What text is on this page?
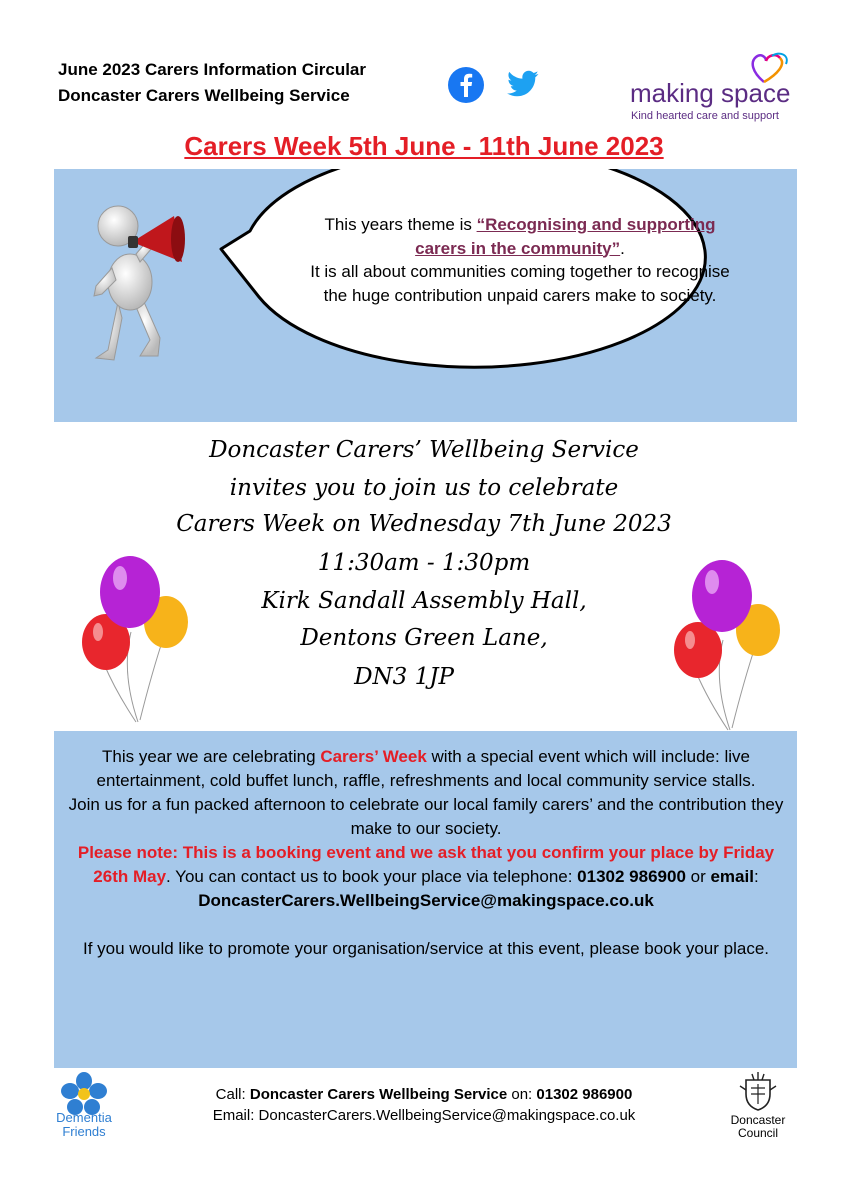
June 2023 Carers Information Circular
Doncaster Carers Wellbeing Service	making space
Kind hearted care and support
Carers Week 5th June - 11th June 2023
This years theme is “Recognising and supporting carers in the community”.
It is all about communities coming together to recognise the huge contribution unpaid carers make to society.
Doncaster Carers’ Wellbeing Service
invites you to join us to celebrate
Carers Week on Wednesday 7th June 2023
11:30am - 1:30pm
Kirk Sandall Assembly Hall,
Dentons Green Lane,
DN3 1JP
This year we are celebrating Carers’ Week with a special event which will include: live entertainment, cold buffet lunch, raffle, refreshments and local community service stalls.
Join us for a fun packed afternoon to celebrate our local family carers’ and the contribution they make to our society.
Please note: This is a booking event and we ask that you confirm your place by Friday 26th May. You can contact us to book your place via telephone: 01302 986900 or email:
DoncasterCarers.WellbeingService@makingspace.co.uk

If you would like to promote your organisation/service at this event, please book your place.
Dementia Friends
Call: Doncaster Carers Wellbeing Service on: 01302 986900
Email: DoncasterCarers.WellbeingService@makingspace.co.uk	Doncaster Council
